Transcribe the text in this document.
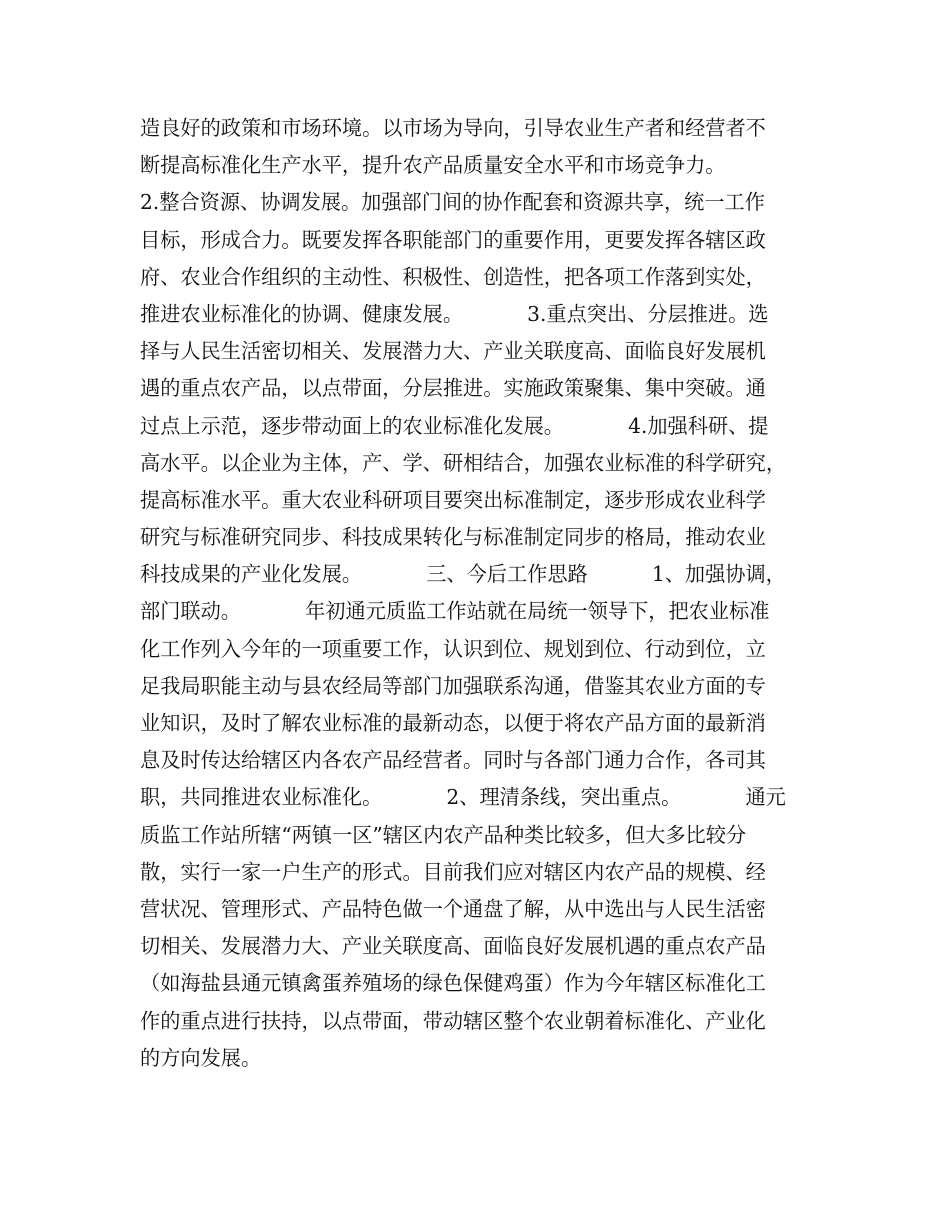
造良好的政策和市场环境。以市场为导向，引导农业生产者和经营者不
断提高标准化生产水平，提升农产品质量安全水平和市场竞争力。
2.整合资源、协调发展。加强部门间的协作配套和资源共享，统一工作
目标，形成合力。既要发挥各职能部门的重要作用，更要发挥各辖区政
府、农业合作组织的主动性、积极性、创造性，把各项工作落到实处，
推进农业标准化的协调、健康发展。          3.重点突出、分层推进。选
择与人民生活密切相关、发展潜力大、产业关联度高、面临良好发展机
遇的重点农产品，以点带面，分层推进。实施政策聚集、集中突破。通
过点上示范，逐步带动面上的农业标准化发展。          4.加强科研、提
高水平。以企业为主体，产、学、研相结合，加强农业标准的科学研究，
提高标准水平。重大农业科研项目要突出标准制定，逐步形成农业科学
研究与标准研究同步、科技成果转化与标准制定同步的格局，推动农业
科技成果的产业化发展。          三、今后工作思路          1、加强协调，
部门联动。          年初通元质监工作站就在局统一领导下，把农业标准
化工作列入今年的一项重要工作，认识到位、规划到位、行动到位，立
足我局职能主动与县农经局等部门加强联系沟通，借鉴其农业方面的专
业知识，及时了解农业标准的最新动态，以便于将农产品方面的最新消
息及时传达给辖区内各农产品经营者。同时与各部门通力合作，各司其
职，共同推进农业标准化。          2、理清条线，突出重点。          通元
质监工作站所辖“两镇一区”辖区内农产品种类比较多，但大多比较分
散，实行一家一户生产的形式。目前我们应对辖区内农产品的规模、经
营状况、管理形式、产品特色做一个通盘了解，从中选出与人民生活密
切相关、发展潜力大、产业关联度高、面临良好发展机遇的重点农产品
（如海盐县通元镇禽蛋养殖场的绿色保健鸡蛋）作为今年辖区标准化工
作的重点进行扶持，以点带面，带动辖区整个农业朝着标准化、产业化
的方向发展。
